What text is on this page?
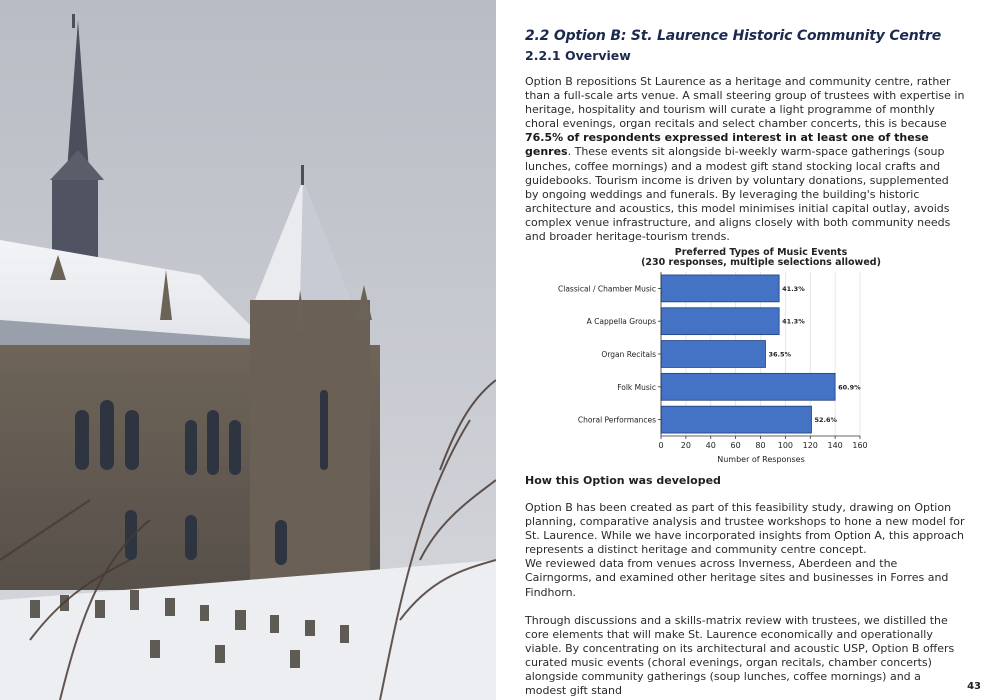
2.2 Option B: St. Laurence Historic Community Centre
2.2.1 Overview

Option B repositions St Laurence as a heritage and community centre, rather than a full-scale arts venue. A small steering group of trustees with expertise in heritage, hospitality and tourism will curate a light programme of monthly choral evenings, organ recitals and select chamber concerts, this is because 76.5% of respondents expressed interest in at least one of these genres. These events sit alongside bi-weekly warm-space gatherings (soup lunches, coffee mornings) and a modest gift stand stocking local crafts and guidebooks. Tourism income is driven by voluntary donations, supplemented by ongoing weddings and funerals. By leveraging the building's historic architecture and acoustics, this model minimises initial capital outlay, avoids complex venue infrastructure, and aligns closely with both community needs and broader heritage-tourism trends.

Preferred Types of Music Events
(230 responses, multiple selections allowed)
41.3%
41.3%
36.5%
60.9%
52.6%
0 20 40 60 80 100 120 140 160
Classical / Chamber Music
A Cappella Groups
Organ Recitals
Folk Music
Choral Performances
Number of Responses
How this Option was developed

Option B has been created as part of this feasibility study, drawing on Option planning, comparative analysis and trustee workshops to hone a new model for St. Laurence. While we have incorporated insights from Option A, this approach represents a distinct heritage and community centre concept.

We reviewed data from venues across Inverness, Aberdeen and the Cairngorms, and examined other heritage sites and businesses in Forres and Findhorn.

Through discussions and a skills-matrix review with trustees, we distilled the core elements that will make St. Laurence economically and operationally viable. By concentrating on its architectural and acoustic USP, Option B offers curated music events (choral evenings, organ recitals, chamber concerts) alongside community gatherings (soup lunches, coffee mornings) and a modest gift stand	43
